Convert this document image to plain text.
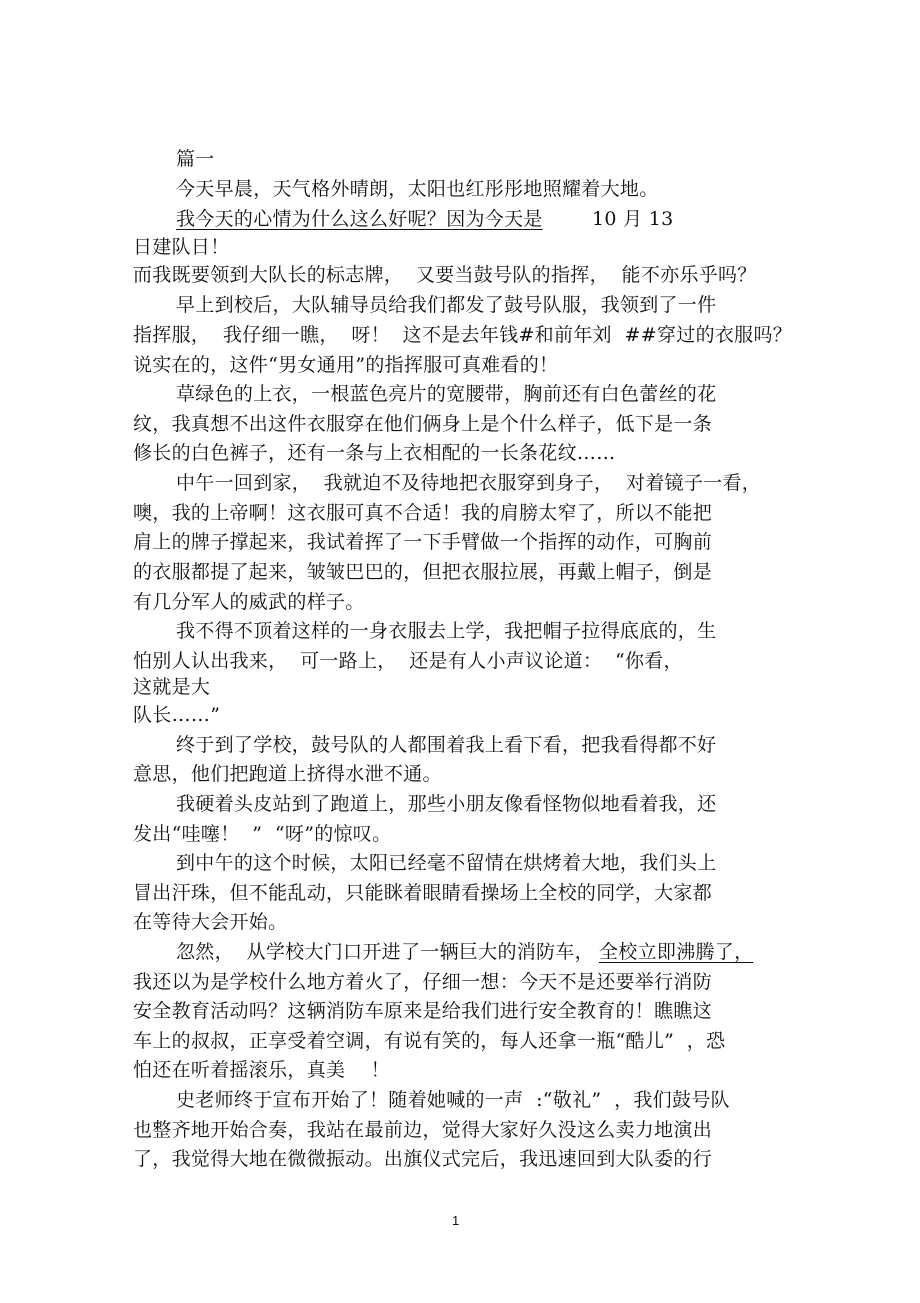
篇一
今天早晨，天气格外晴朗，太阳也红彤彤地照耀着大地。
我今天的心情为什么这么好呢？因为今天是	10 月 13
日建队日！
而我既要领到大队长的标志牌，  又要当鼓号队的指挥，  能不亦乐乎吗？
早上到校后，大队辅导员给我们都发了鼓号队服，我领到了一件
指挥服，  我仔细一瞧，  呀！  这不是去年钱#和前年刘  ##穿过的衣服吗？
说实在的，这件“男女通用”的指挥服可真难看的！
草绿色的上衣，一根蓝色亮片的宽腰带，胸前还有白色蕾丝的花
纹，我真想不出这件衣服穿在他们俩身上是个什么样子，低下是一条
修长的白色裤子，还有一条与上衣相配的一长条花纹……
中午一回到家，  我就迫不及待地把衣服穿到身子，  对着镜子一看，
噢，我的上帝啊！这衣服可真不合适！我的肩膀太窄了，所以不能把
肩上的牌子撑起来，我试着挥了一下手臂做一个指挥的动作，可胸前
的衣服都提了起来，皱皱巴巴的，但把衣服拉展，再戴上帽子，倒是
有几分军人的威武的样子。
我不得不顶着这样的一身衣服去上学，我把帽子拉得底底的，生
怕别人认出我来，  可一路上，  还是有人小声议论道：  “你看，
这就是大
队长……”
终于到了学校，鼓号队的人都围着我上看下看，把我看得都不好
意思，他们把跑道上挤得水泄不通。
我硬着头皮站到了跑道上，那些小朋友像看怪物似地看着我，还
发出“哇噻！  ”  “呀”的惊叹。
到中午的这个时候，太阳已经毫不留情在烘烤着大地，我们头上
冒出汗珠，但不能乱动，只能眯着眼睛看操场上全校的同学，大家都
在等待大会开始。
忽然，  从学校大门口开进了一辆巨大的消防车， 全校立即沸腾了，
我还以为是学校什么地方着火了，仔细一想：今天不是还要举行消防
安全教育活动吗？这辆消防车原来是给我们进行安全教育的！瞧瞧这
车上的叔叔，正享受着空调，有说有笑的，每人还拿一瓶“酷儿”  ，恐
怕还在听着摇滚乐，真美    ！
史老师终于宣布开始了！随着她喊的一声  :“敬礼”  ，我们鼓号队
也整齐地开始合奏，我站在最前边，觉得大家好久没这么卖力地演出
了，我觉得大地在微微振动。出旗仪式完后，我迅速回到大队委的行
1
